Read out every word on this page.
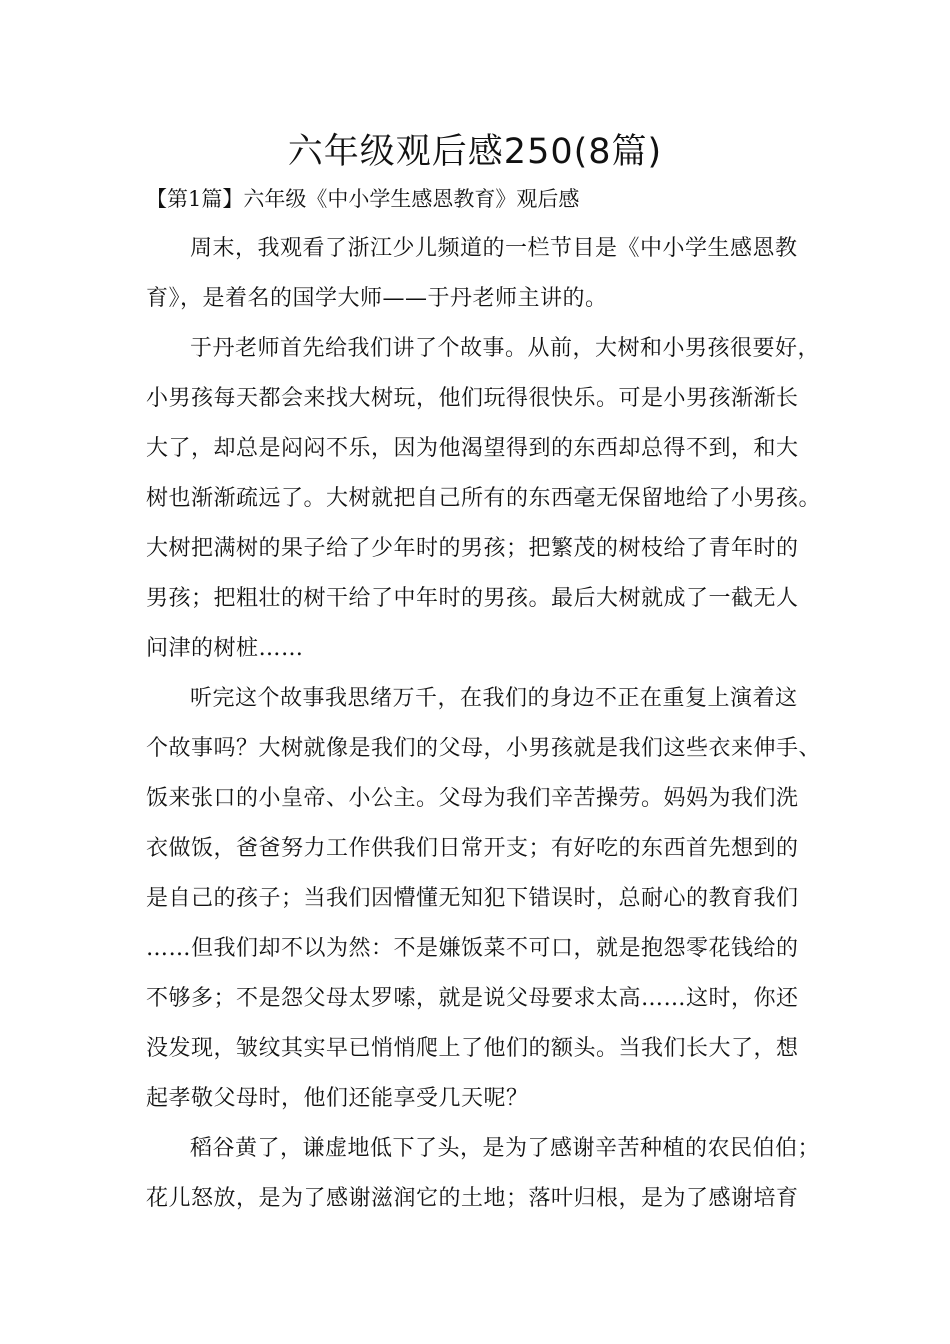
六年级观后感250(8篇)
【第1篇】六年级《中小学生感恩教育》观后感
周末，我观看了浙江少儿频道的一栏节目是《中小学生感恩教
育》，是着名的国学大师——于丹老师主讲的。
于丹老师首先给我们讲了个故事。从前，大树和小男孩很要好，
小男孩每天都会来找大树玩，他们玩得很快乐。可是小男孩渐渐长
大了，却总是闷闷不乐，因为他渴望得到的东西却总得不到，和大
树也渐渐疏远了。大树就把自己所有的东西毫无保留地给了小男孩。
大树把满树的果子给了少年时的男孩；把繁茂的树枝给了青年时的
男孩；把粗壮的树干给了中年时的男孩。最后大树就成了一截无人
问津的树桩……
听完这个故事我思绪万千，在我们的身边不正在重复上演着这
个故事吗？大树就像是我们的父母，小男孩就是我们这些衣来伸手、
饭来张口的小皇帝、小公主。父母为我们辛苦操劳。妈妈为我们洗
衣做饭，爸爸努力工作供我们日常开支；有好吃的东西首先想到的
是自己的孩子；当我们因懵懂无知犯下错误时，总耐心的教育我们
……但我们却不以为然：不是嫌饭菜不可口，就是抱怨零花钱给的
不够多；不是怨父母太罗嗦，就是说父母要求太高……这时，你还
没发现，皱纹其实早已悄悄爬上了他们的额头。当我们长大了，想
起孝敬父母时，他们还能享受几天呢？
稻谷黄了，谦虚地低下了头，是为了感谢辛苦种植的农民伯伯；
花儿怒放，是为了感谢滋润它的土地；落叶归根，是为了感谢培育
